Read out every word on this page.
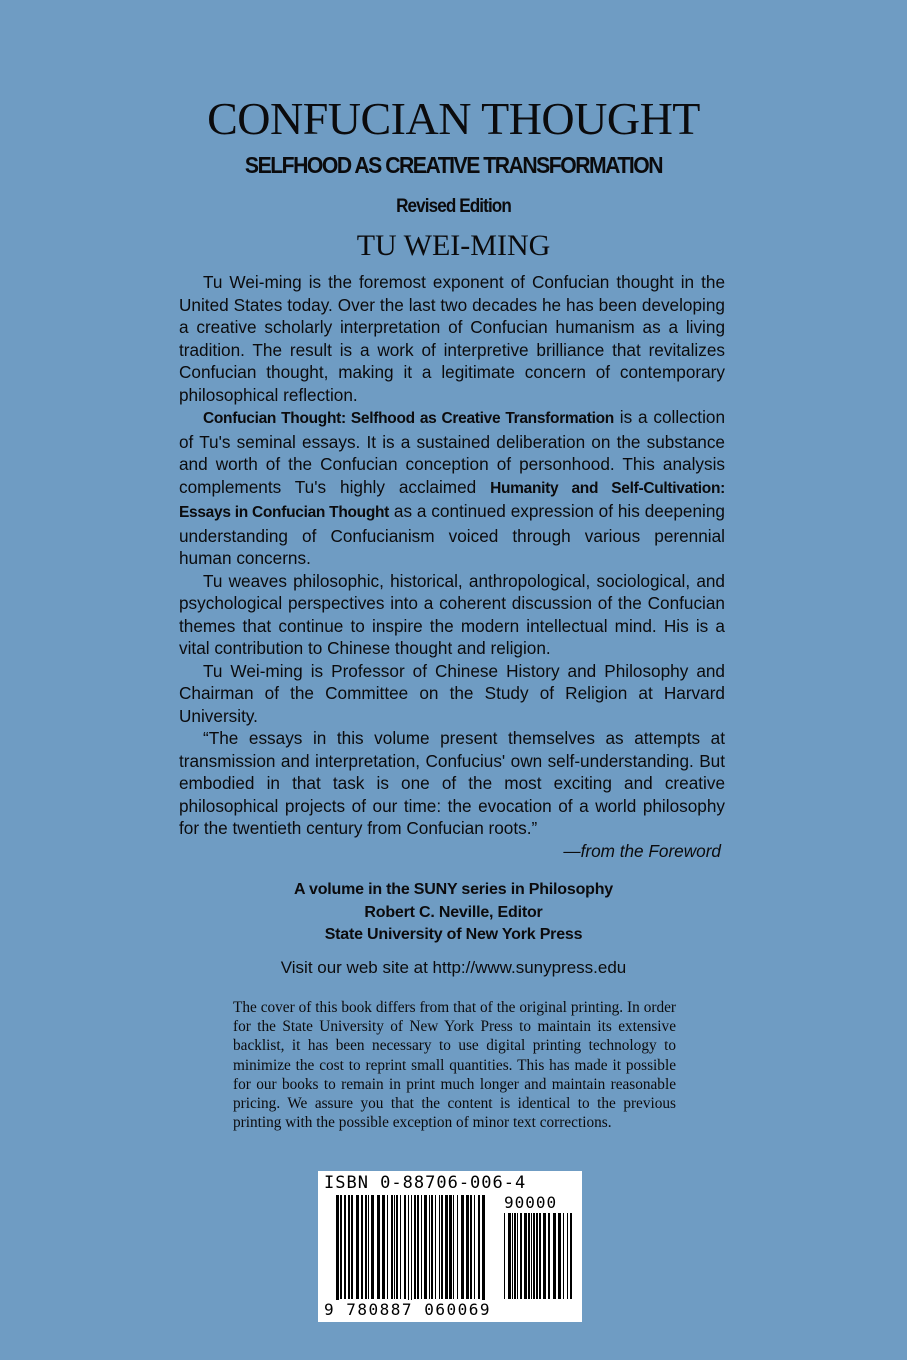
CONFUCIAN THOUGHT
SELFHOOD AS CREATIVE TRANSFORMATION
Revised Edition
TU WEI-MING

Tu Wei-ming is the foremost exponent of Confucian thought in the United States today. Over the last two decades he has been developing a creative scholarly interpretation of Confucian humanism as a living tradition. The result is a work of interpretive brilliance that revitalizes Confucian thought, making it a legitimate concern of contemporary philosophical reflection.

Confucian Thought: Selfhood as Creative Transformation is a collection of Tu's seminal essays. It is a sustained deliberation on the substance and worth of the Confucian conception of personhood. This analysis complements Tu's highly acclaimed Humanity and Self-Cultivation: Essays in Confucian Thought as a continued expression of his deepening understanding of Confucianism voiced through various perennial human concerns.

Tu weaves philosophic, historical, anthropological, sociological, and psychological perspectives into a coherent discussion of the Confucian themes that continue to inspire the modern intellectual mind. His is a vital contribution to Chinese thought and religion.

Tu Wei-ming is Professor of Chinese History and Philosophy and Chairman of the Committee on the Study of Religion at Harvard University.

“The essays in this volume present themselves as attempts at transmission and interpretation, Confucius' own self-understanding. But embodied in that task is one of the most exciting and creative philosophical projects of our time: the evocation of a world philosophy for the twentieth century from Confucian roots.”

—from the Foreword
A volume in the SUNY series in Philosophy
Robert C. Neville, Editor
State University of New York Press
Visit our web site at http://www.sunypress.edu
The cover of this book differs from that of the original printing. In order for the State University of New York Press to maintain its extensive backlist, it has been necessary to use digital printing technology to minimize the cost to reprint small quantities. This has made it possible for our books to remain in print much longer and maintain reasonable pricing. We assure you that the content is identical to the previous printing with the possible exception of minor text corrections.
ISBN 0-88706-006-4
90000
9 780887 060069
